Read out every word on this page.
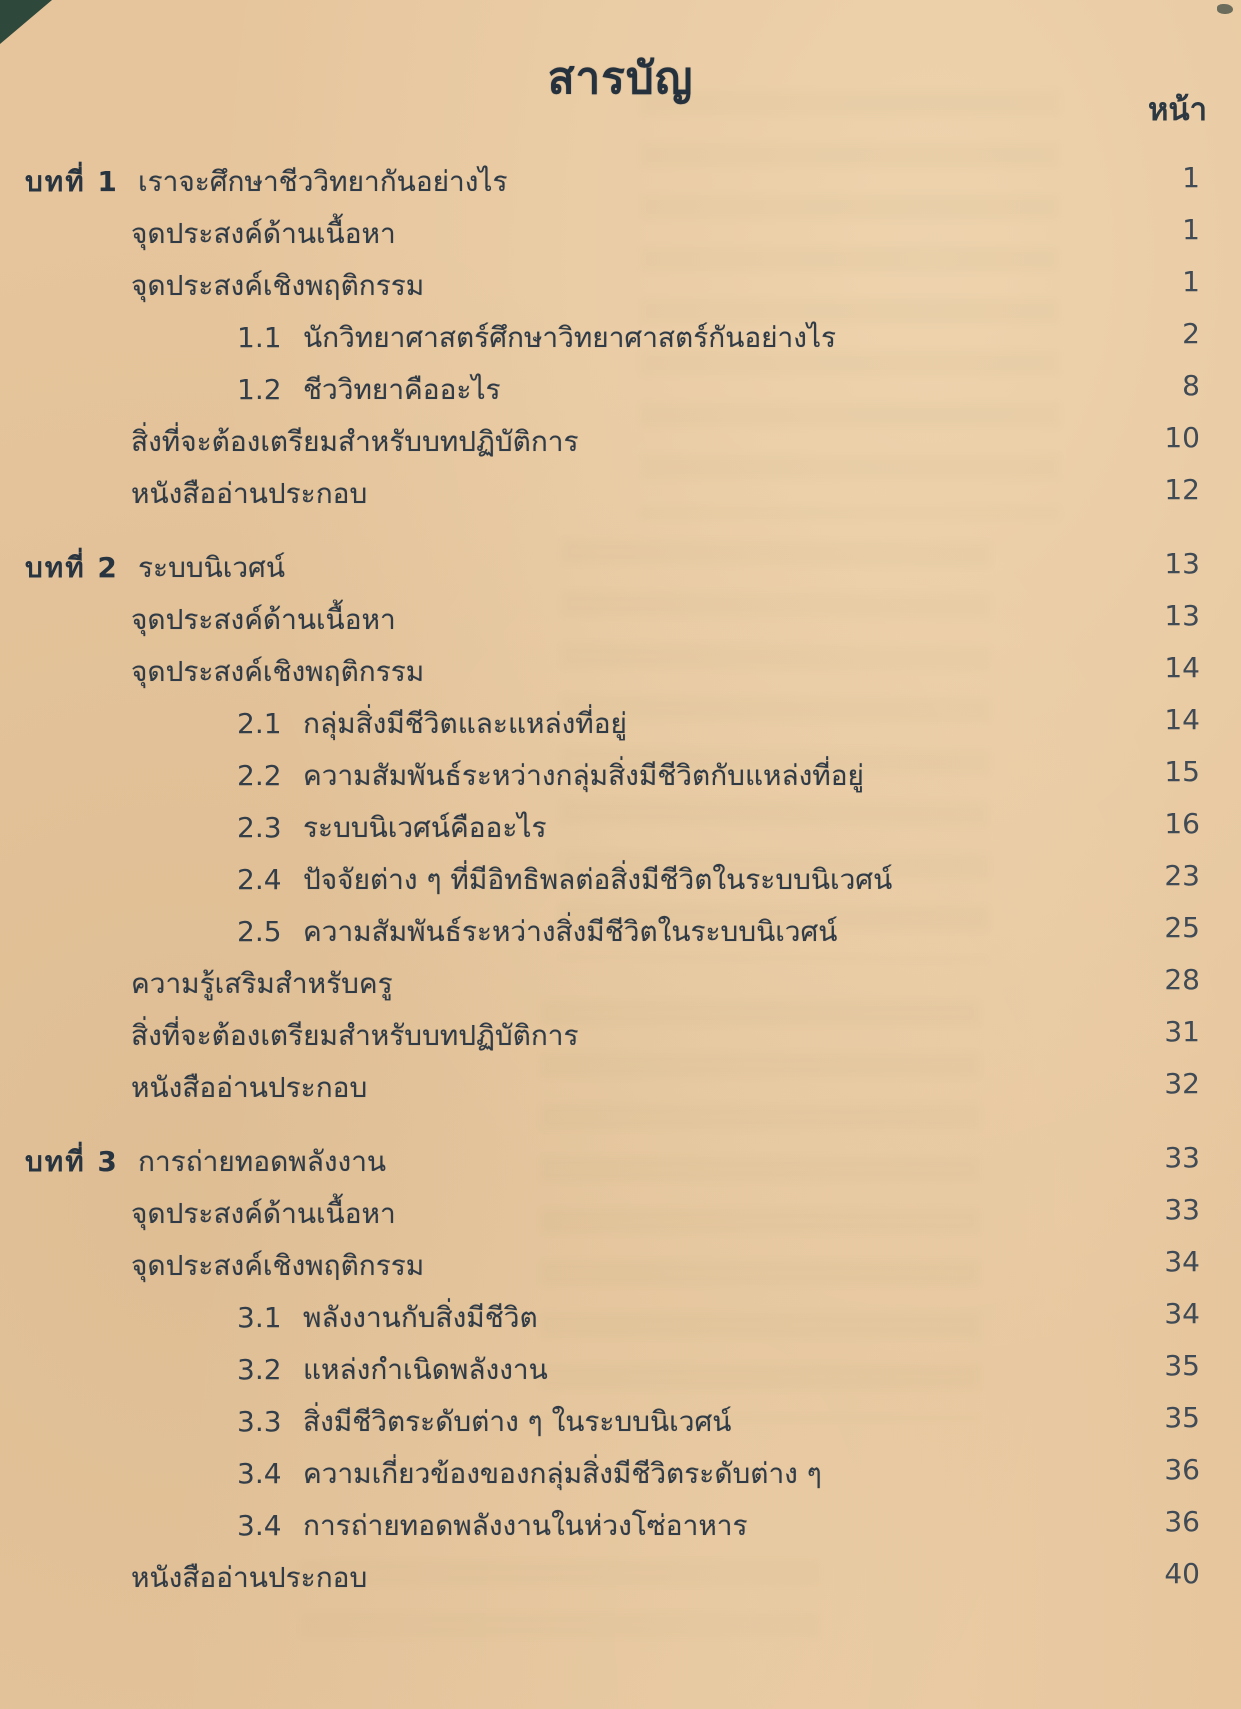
สารบัญ
หน้า
บทที่ 1 เราจะศึกษาชีววิทยากันอย่างไร	1
จุดประสงค์ด้านเนื้อหา	1
จุดประสงค์เชิงพฤติกรรม	1
1.1 นักวิทยาศาสตร์ศึกษาวิทยาศาสตร์กันอย่างไร	2
1.2 ชีววิทยาคืออะไร	8
สิ่งที่จะต้องเตรียมสำหรับบทปฏิบัติการ	10
หนังสืออ่านประกอบ	12
บทที่ 2 ระบบนิเวศน์	13
จุดประสงค์ด้านเนื้อหา	13
จุดประสงค์เชิงพฤติกรรม	14
2.1 กลุ่มสิ่งมีชีวิตและแหล่งที่อยู่	14
2.2 ความสัมพันธ์ระหว่างกลุ่มสิ่งมีชีวิตกับแหล่งที่อยู่	15
2.3 ระบบนิเวศน์คืออะไร	16
2.4 ปัจจัยต่าง ๆ ที่มีอิทธิพลต่อสิ่งมีชีวิตในระบบนิเวศน์	23
2.5 ความสัมพันธ์ระหว่างสิ่งมีชีวิตในระบบนิเวศน์	25
ความรู้เสริมสำหรับครู	28
สิ่งที่จะต้องเตรียมสำหรับบทปฏิบัติการ	31
หนังสืออ่านประกอบ	32
บทที่ 3 การถ่ายทอดพลังงาน	33
จุดประสงค์ด้านเนื้อหา	33
จุดประสงค์เชิงพฤติกรรม	34
3.1 พลังงานกับสิ่งมีชีวิต	34
3.2 แหล่งกำเนิดพลังงาน	35
3.3 สิ่งมีชีวิตระดับต่าง ๆ ในระบบนิเวศน์	35
3.4 ความเกี่ยวข้องของกลุ่มสิ่งมีชีวิตระดับต่าง ๆ	36
3.4 การถ่ายทอดพลังงานในห่วงโซ่อาหาร	36
หนังสืออ่านประกอบ	40
